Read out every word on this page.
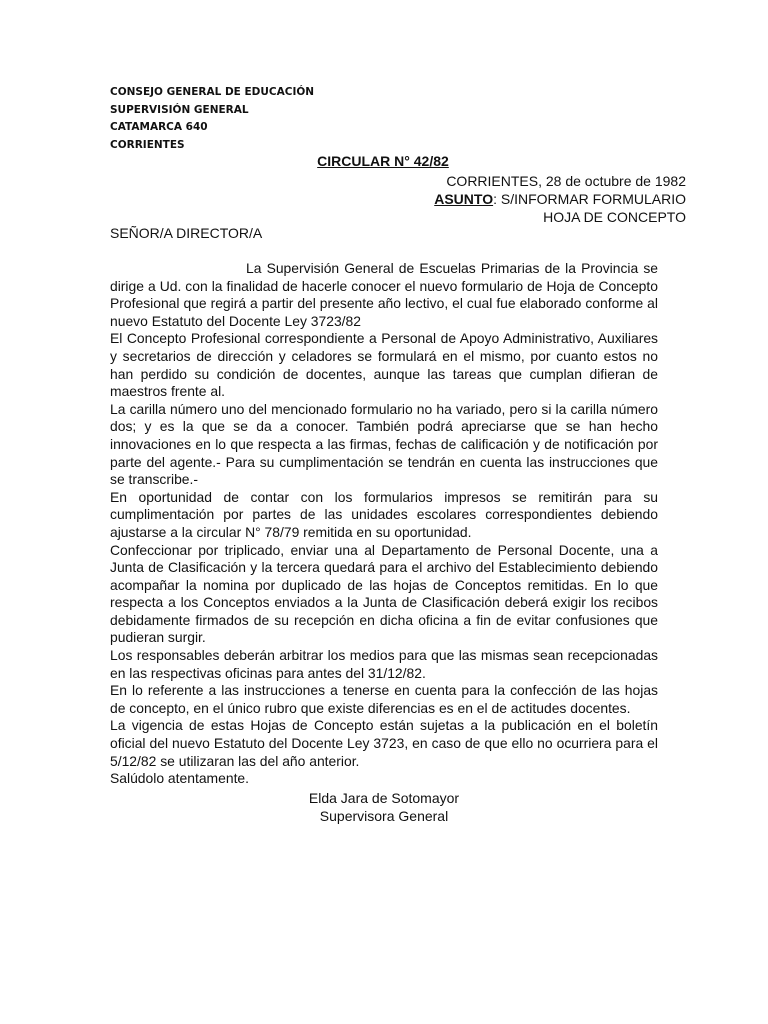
CONSEJO GENERAL DE EDUCACIÓN
SUPERVISIÓN GENERAL
CATAMARCA 640
CORRIENTES
CIRCULAR N° 42/82
CORRIENTES, 28 de octubre de 1982
ASUNTO: S/INFORMAR FORMULARIO
HOJA DE CONCEPTO
SEÑOR/A DIRECTOR/A

La Supervisión General de Escuelas Primarias de la Provincia se dirige a Ud. con la finalidad de hacerle conocer el nuevo formulario de Hoja de Concepto Profesional que regirá a partir del presente año lectivo, el cual fue elaborado conforme al nuevo Estatuto del Docente Ley 3723/82

El Concepto Profesional correspondiente a Personal de Apoyo Administrativo, Auxiliares y secretarios de dirección y celadores se formulará en el mismo, por cuanto estos no han perdido su condición de docentes, aunque las tareas que cumplan difieran de maestros frente al.

La carilla número uno del mencionado formulario no ha variado, pero si la carilla número dos; y es la que se da a conocer. También podrá apreciarse que se han hecho innovaciones en lo que respecta a las firmas, fechas de calificación y de notificación por parte del agente.- Para su cumplimentación se tendrán en cuenta las instrucciones que se transcribe.-

En oportunidad de contar con los formularios impresos se remitirán para su cumplimentación por partes de las unidades escolares correspondientes debiendo ajustarse a la circular N° 78/79 remitida en su oportunidad.

Confeccionar por triplicado, enviar una al Departamento de Personal Docente, una a Junta de Clasificación y la tercera quedará para el archivo del Establecimiento debiendo acompañar la nomina por duplicado de las hojas de Conceptos remitidas. En lo que respecta a los Conceptos enviados a la Junta de Clasificación deberá exigir los recibos debidamente firmados de su recepción en dicha oficina a fin de evitar confusiones que pudieran surgir.

Los responsables deberán arbitrar los medios para que las mismas sean recepcionadas en las respectivas oficinas para antes del 31/12/82.

En lo referente a las instrucciones a tenerse en cuenta para la confección de las hojas de concepto, en el único rubro que existe diferencias es en el de actitudes docentes.

La vigencia de estas Hojas de Concepto están sujetas a la publicación en el boletín oficial del nuevo Estatuto del Docente Ley 3723, en caso de que ello no ocurriera para el 5/12/82 se utilizaran las del año anterior.

Salúdolo atentamente.

Elda Jara de Sotomayor
Supervisora General
